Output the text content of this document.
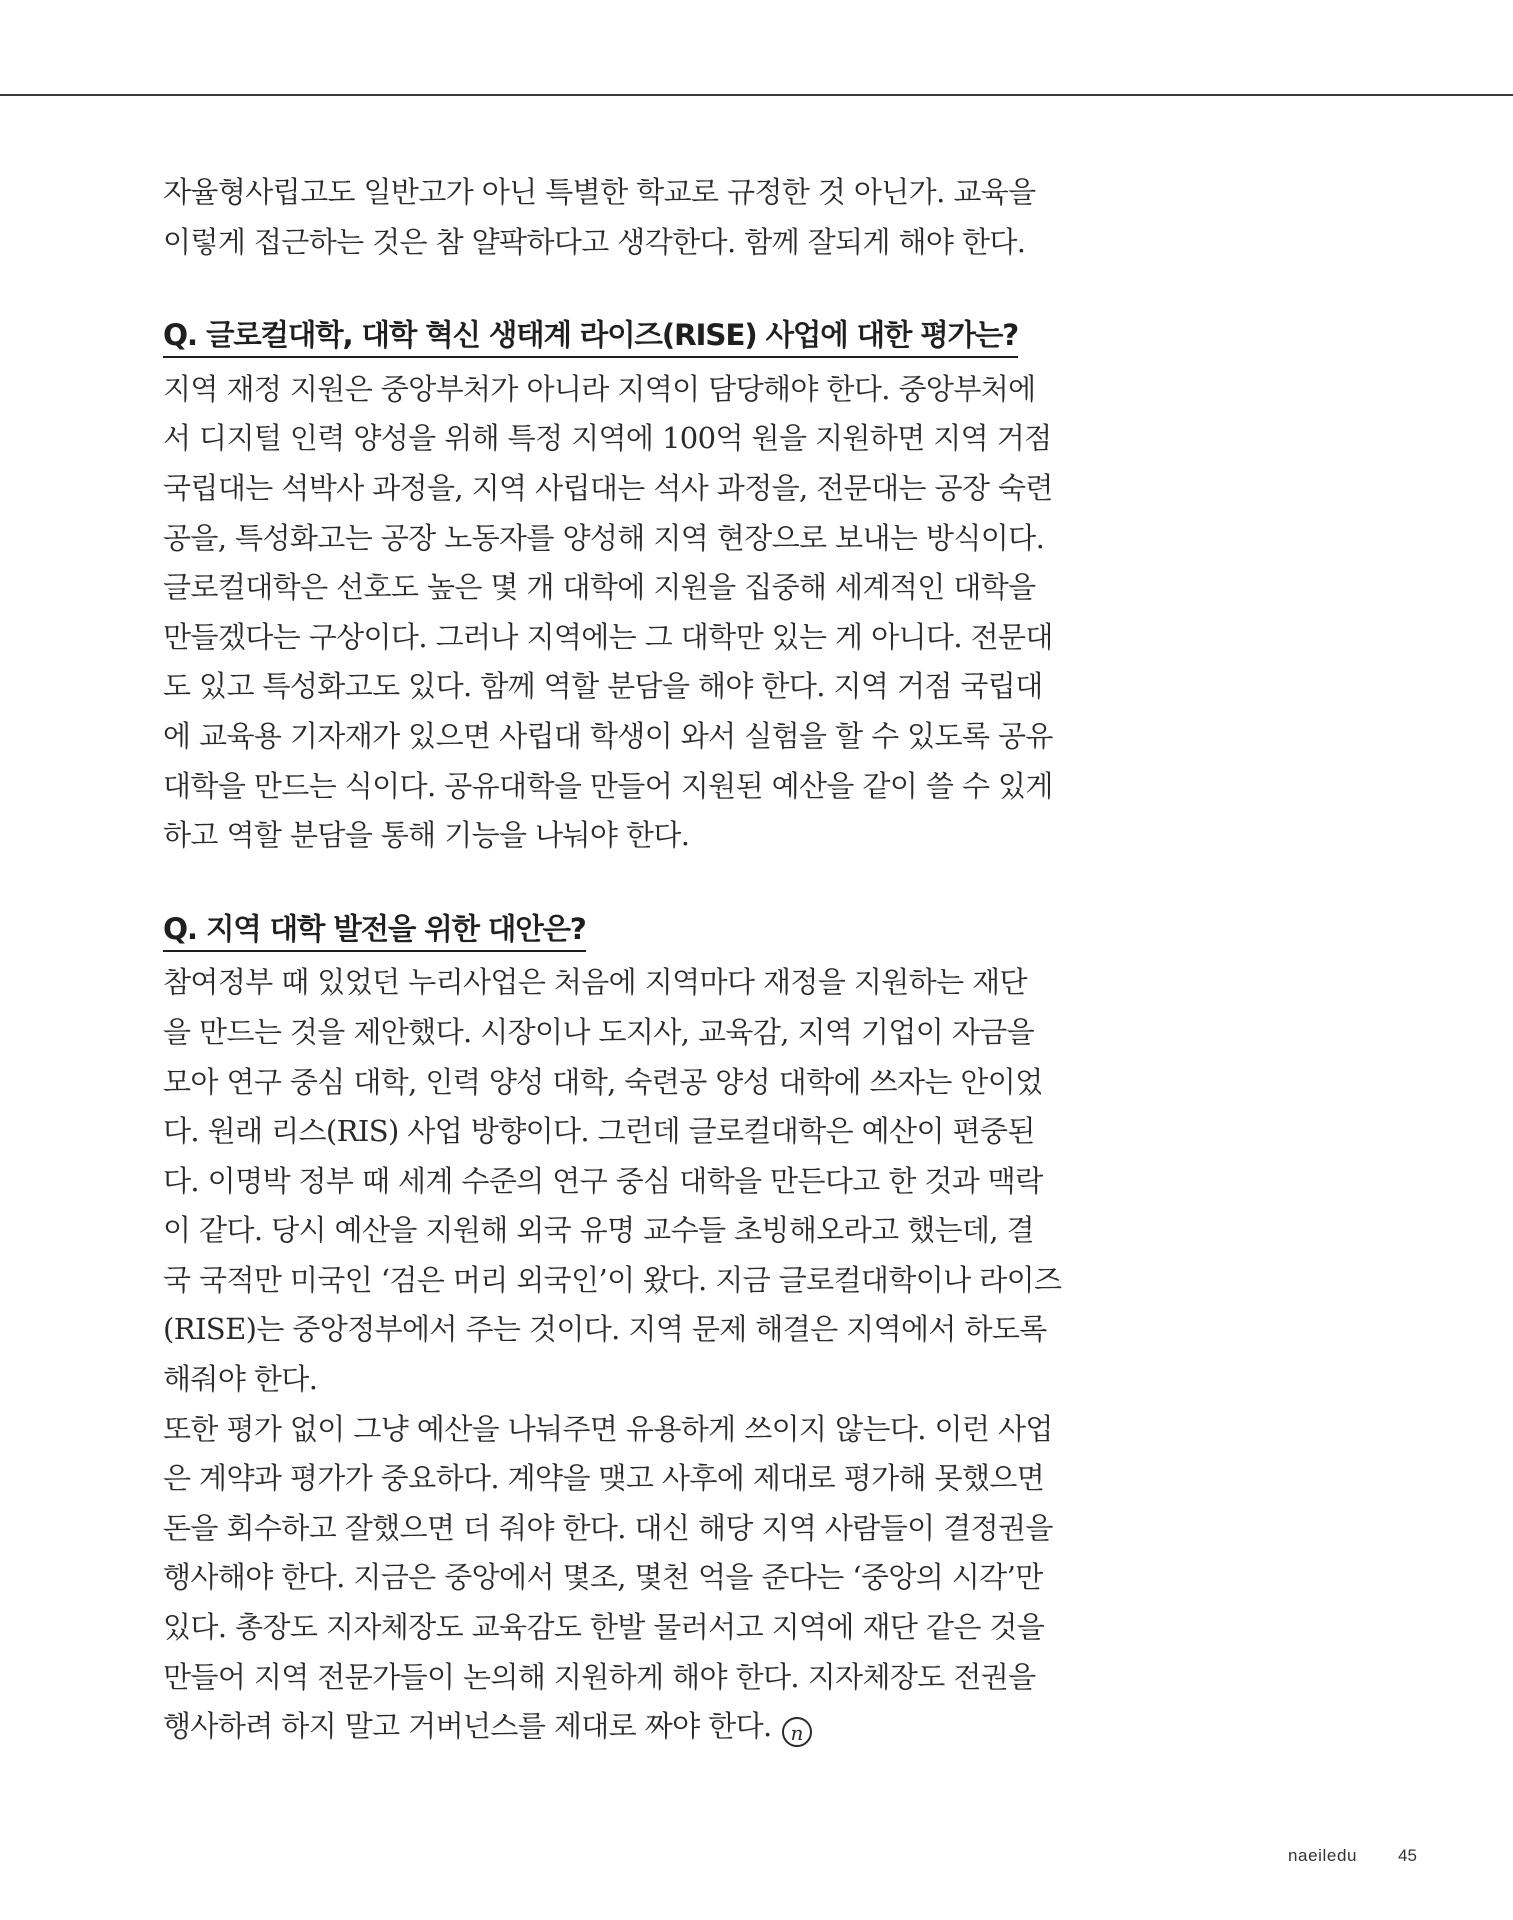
자율형사립고도 일반고가 아닌 특별한 학교로 규정한 것 아닌가. 교육을
이렇게 접근하는 것은 참 얄팍하다고 생각한다. 함께 잘되게 해야 한다.
Q. 글로컬대학, 대학 혁신 생태계 라이즈(RISE) 사업에 대한 평가는?
지역 재정 지원은 중앙부처가 아니라 지역이 담당해야 한다. 중앙부처에
서 디지털 인력 양성을 위해 특정 지역에 100억 원을 지원하면 지역 거점
국립대는 석박사 과정을, 지역 사립대는 석사 과정을, 전문대는 공장 숙련
공을, 특성화고는 공장 노동자를 양성해 지역 현장으로 보내는 방식이다.
글로컬대학은 선호도 높은 몇 개 대학에 지원을 집중해 세계적인 대학을
만들겠다는 구상이다. 그러나 지역에는 그 대학만 있는 게 아니다. 전문대
도 있고 특성화고도 있다. 함께 역할 분담을 해야 한다. 지역 거점 국립대
에 교육용 기자재가 있으면 사립대 학생이 와서 실험을 할 수 있도록 공유
대학을 만드는 식이다. 공유대학을 만들어 지원된 예산을 같이 쓸 수 있게
하고 역할 분담을 통해 기능을 나눠야 한다.
Q. 지역 대학 발전을 위한 대안은?
참여정부 때 있었던 누리사업은 처음에 지역마다 재정을 지원하는 재단
을 만드는 것을 제안했다. 시장이나 도지사, 교육감, 지역 기업이 자금을
모아 연구 중심 대학, 인력 양성 대학, 숙련공 양성 대학에 쓰자는 안이었
다. 원래 리스(RIS) 사업 방향이다. 그런데 글로컬대학은 예산이 편중된
다. 이명박 정부 때 세계 수준의 연구 중심 대학을 만든다고 한 것과 맥락
이 같다. 당시 예산을 지원해 외국 유명 교수들 초빙해오라고 했는데, 결
국 국적만 미국인 ‘검은 머리 외국인’이 왔다. 지금 글로컬대학이나 라이즈
(RISE)는 중앙정부에서 주는 것이다. 지역 문제 해결은 지역에서 하도록
해줘야 한다.
또한 평가 없이 그냥 예산을 나눠주면 유용하게 쓰이지 않는다. 이런 사업
은 계약과 평가가 중요하다. 계약을 맺고 사후에 제대로 평가해 못했으면
돈을 회수하고 잘했으면 더 줘야 한다. 대신 해당 지역 사람들이 결정권을
행사해야 한다. 지금은 중앙에서 몇조, 몇천 억을 준다는 ‘중앙의 시각’만
있다. 총장도 지자체장도 교육감도 한발 물러서고 지역에 재단 같은 것을
만들어 지역 전문가들이 논의해 지원하게 해야 한다. 지자체장도 전권을
행사하려 하지 말고 거버넌스를 제대로 짜야 한다. n
naeiledu 45
